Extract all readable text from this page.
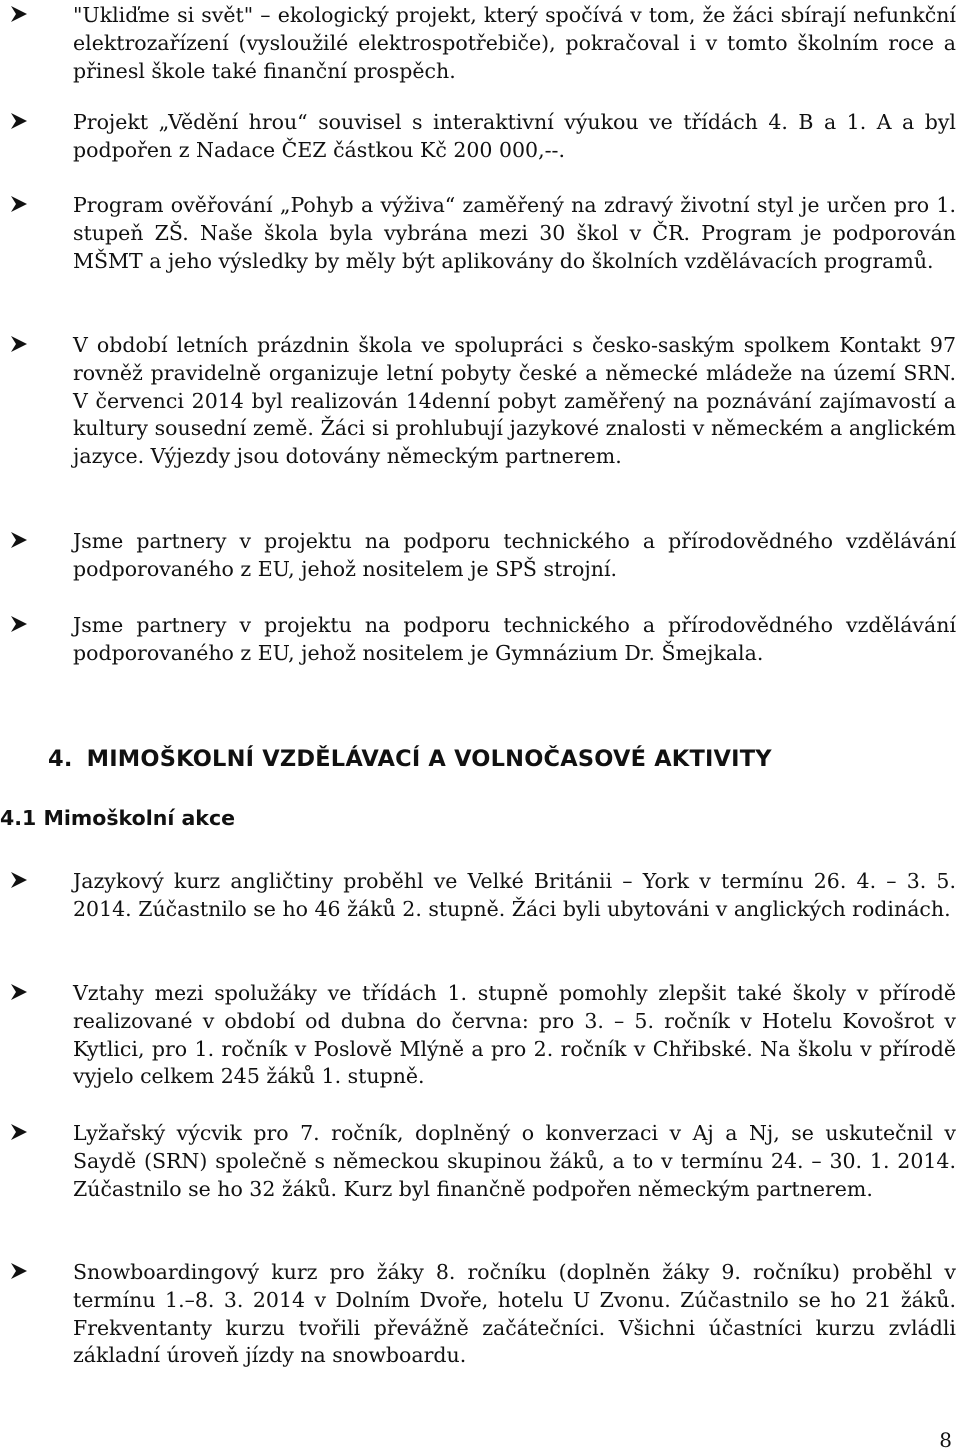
"Ukliďme si svět" – ekologický projekt, který spočívá v tom, že žáci sbírají nefunkční elektrozařízení (vysloužilé elektrospotřebiče), pokračoval i v tomto školním roce a přinesl škole také finanční prospěch.
Projekt „Vědění hrou“ souvisel s interaktivní výukou ve třídách 4. B a 1. A a byl podpořen z Nadace ČEZ částkou Kč 200 000,--.
Program ověřování „Pohyb a výživa“ zaměřený na zdravý životní styl je určen pro 1. stupeň ZŠ. Naše škola byla vybrána mezi 30 škol v ČR. Program je podporován MŠMT a jeho výsledky by měly být aplikovány do školních vzdělávacích programů.
V období letních prázdnin škola ve spolupráci s česko-saským spolkem Kontakt 97 rovněž pravidelně organizuje letní pobyty české a německé mládeže na území SRN. V červenci 2014 byl realizován 14denní pobyt zaměřený na poznávání zajímavostí a kultury sousední země. Žáci si prohlubují jazykové znalosti v německém a anglickém jazyce. Výjezdy jsou dotovány německým partnerem.
Jsme partnery v projektu na podporu technického a přírodovědného vzdělávání podporovaného z EU, jehož nositelem je SPŠ strojní.
Jsme partnery v projektu na podporu technického a přírodovědného vzdělávání podporovaného z EU, jehož nositelem je Gymnázium Dr. Šmejkala.
4. MIMOŠKOLNÍ VZDĚLÁVACÍ A VOLNOČASOVÉ AKTIVITY
4.1 Mimoškolní akce
Jazykový kurz angličtiny proběhl ve Velké Británii – York v termínu 26. 4. – 3. 5. 2014. Zúčastnilo se ho 46 žáků 2. stupně. Žáci byli ubytováni v anglických rodinách.
Vztahy mezi spolužáky ve třídách 1. stupně pomohly zlepšit také školy v přírodě realizované v období od dubna do června: pro 3. – 5. ročník v Hotelu Kovošrot v Kytlici, pro 1. ročník v Poslově Mlýně a pro 2. ročník v Chřibské. Na školu v přírodě vyjelo celkem 245 žáků 1. stupně.
Lyžařský výcvik pro 7. ročník, doplněný o konverzaci v Aj a Nj, se uskutečnil v Saydě (SRN) společně s německou skupinou žáků, a to v termínu 24. – 30. 1. 2014. Zúčastnilo se ho 32 žáků. Kurz byl finančně podpořen německým partnerem.
Snowboardingový kurz pro žáky 8. ročníku (doplněn žáky 9. ročníku) proběhl v termínu 1.–8. 3. 2014 v Dolním Dvoře, hotelu U Zvonu. Zúčastnilo se ho 21 žáků. Frekventanty kurzu tvořili převážně začátečníci. Všichni účastníci kurzu zvládli základní úroveň jízdy na snowboardu.
8
